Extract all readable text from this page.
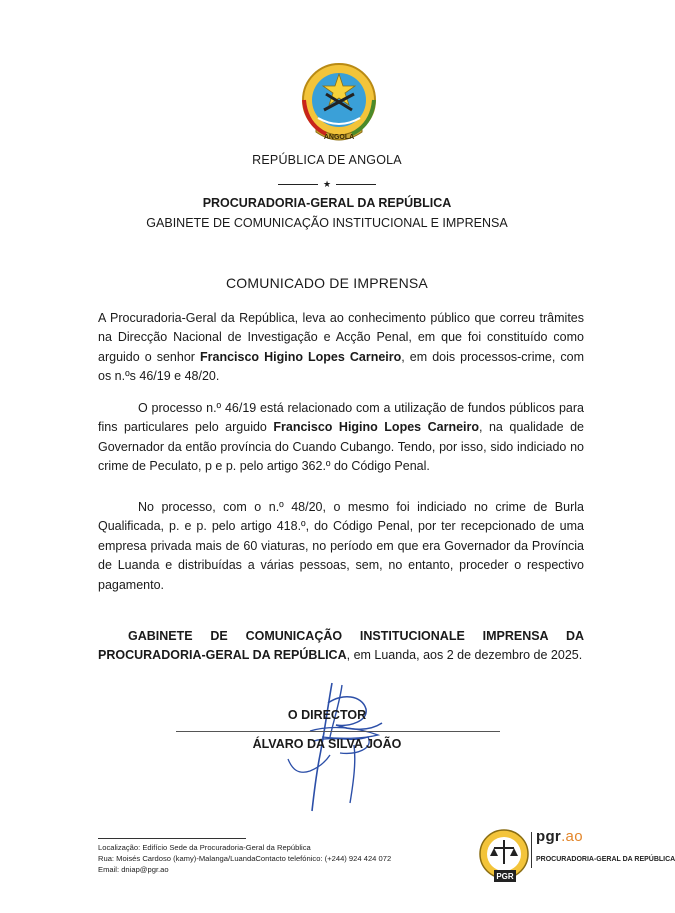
ANGOLA
REPÚBLICA DE ANGOLA
★
PROCURADORIA-GERAL DA REPÚBLICA
GABINETE DE COMUNICAÇÃO INSTITUCIONAL E IMPRENSA
COMUNICADO DE IMPRENSA
A Procuradoria-Geral da República, leva ao conhecimento público que correu trâmites na Direcção Nacional de Investigação e Acção Penal, em que foi constituído como arguido o senhor Francisco Higino Lopes Carneiro, em dois processos-crime, com os n.ºs 46/19 e 48/20.
O processo n.º 46/19 está relacionado com a utilização de fundos públicos para fins particulares pelo arguido Francisco Higino Lopes Carneiro, na qualidade de Governador da então província do Cuando Cubango. Tendo, por isso, sido indiciado no crime de Peculato, p e p. pelo artigo 362.º do Código Penal.
No processo, com o n.º 48/20, o mesmo foi indiciado no crime de Burla Qualificada, p. e p. pelo artigo 418.º, do Código Penal, por ter recepcionado de uma empresa privada mais de 60 viaturas, no período em que era Governador da Província de Luanda e distribuídas a várias pessoas, sem, no entanto, proceder o respectivo pagamento.
GABINETE DE COMUNICAÇÃO INSTITUCIONALE IMPRENSA DA PROCURADORIA-GERAL DA REPÚBLICA, em Luanda, aos 2 de dezembro de 2025.
O DIRECTOR
ÁLVARO DA SILVA JOÃO
Localização: Edifício Sede da Procuradoria-Geral da República
Rua: Moisés Cardoso (kamy)-Malanga/LuandaContacto telefónico: (+244) 924 424 072
Email: dniap@pgr.ao
PGR
pgr.ao
PROCURADORIA-GERAL DA REPÚBLICA
